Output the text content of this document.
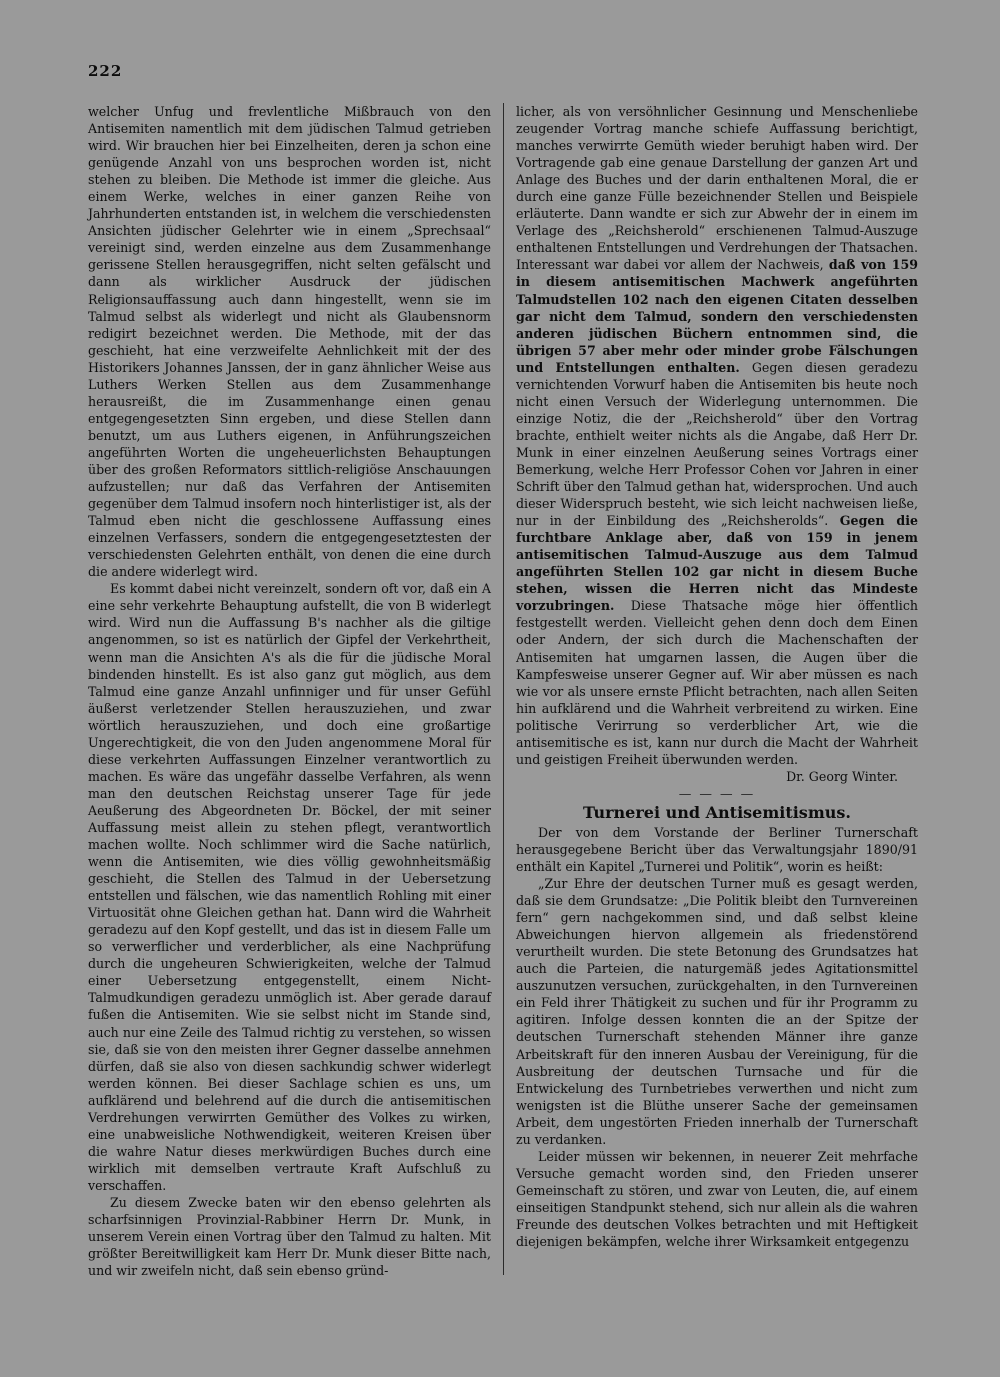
222

welcher Unfug und frevlentliche Mißbrauch von den Antisemiten namentlich mit dem jüdischen Talmud getrieben wird. Wir brauchen hier bei Einzelheiten, deren ja schon eine genügende Anzahl von uns besprochen worden ist, nicht stehen zu bleiben. Die Methode ist immer die gleiche. Aus einem Werke, welches in einer ganzen Reihe von Jahrhunderten entstanden ist, in welchem die verschiedensten Ansichten jüdischer Gelehrter wie in einem „Sprechsaal“ vereinigt sind, werden einzelne aus dem Zusammenhange gerissene Stellen herausgegriffen, nicht selten gefälscht und dann als wirklicher Ausdruck der jüdischen Religionsauffassung auch dann hingestellt, wenn sie im Talmud selbst als widerlegt und nicht als Glaubensnorm redigirt bezeichnet werden. Die Methode, mit der das geschieht, hat eine verzweifelte Aehnlichkeit mit der des Historikers Johannes Janssen, der in ganz ähnlicher Weise aus Luthers Werken Stellen aus dem Zusammenhange herausreißt, die im Zusammenhange einen genau entgegengesetzten Sinn ergeben, und diese Stellen dann benutzt, um aus Luthers eigenen, in Anführungszeichen angeführten Worten die ungeheuerlichsten Behauptungen über des großen Reformators sittlich-religiöse Anschauungen aufzustellen; nur daß das Verfahren der Antisemiten gegenüber dem Talmud insofern noch hinterlistiger ist, als der Talmud eben nicht die geschlossene Auffassung eines einzelnen Verfassers, sondern die entgegengesetztesten der verschiedensten Gelehrten enthält, von denen die eine durch die andere widerlegt wird.

Es kommt dabei nicht vereinzelt, sondern oft vor, daß ein A eine sehr verkehrte Behauptung aufstellt, die von B widerlegt wird. Wird nun die Auffassung B's nachher als die giltige angenommen, so ist es natürlich der Gipfel der Verkehrtheit, wenn man die Ansichten A's als die für die jüdische Moral bindenden hinstellt. Es ist also ganz gut möglich, aus dem Talmud eine ganze Anzahl unfinniger und für unser Gefühl äußerst verletzender Stellen herauszuziehen, und zwar wörtlich herauszuziehen, und doch eine großartige Ungerechtigkeit, die von den Juden angenommene Moral für diese verkehrten Auffassungen Einzelner verantwortlich zu machen. Es wäre das ungefähr dasselbe Verfahren, als wenn man den deutschen Reichstag unserer Tage für jede Aeußerung des Abgeordneten Dr. Böckel, der mit seiner Auffassung meist allein zu stehen pflegt, verantwortlich machen wollte. Noch schlimmer wird die Sache natürlich, wenn die Antisemiten, wie dies völlig gewohnheitsmäßig geschieht, die Stellen des Talmud in der Uebersetzung entstellen und fälschen, wie das namentlich Rohling mit einer Virtuosität ohne Gleichen gethan hat. Dann wird die Wahrheit geradezu auf den Kopf gestellt, und das ist in diesem Falle um so verwerflicher und verderblicher, als eine Nachprüfung durch die ungeheuren Schwierigkeiten, welche der Talmud einer Uebersetzung entgegenstellt, einem Nicht-Talmudkundigen geradezu unmöglich ist. Aber gerade darauf fußen die Antisemiten. Wie sie selbst nicht im Stande sind, auch nur eine Zeile des Talmud richtig zu verstehen, so wissen sie, daß sie von den meisten ihrer Gegner dasselbe annehmen dürfen, daß sie also von diesen sachkundig schwer widerlegt werden können. Bei dieser Sachlage schien es uns, um aufklärend und belehrend auf die durch die antisemitischen Verdrehungen verwirrten Gemüther des Volkes zu wirken, eine unabweisliche Nothwendigkeit, weiteren Kreisen über die wahre Natur dieses merkwürdigen Buches durch eine wirklich mit demselben vertraute Kraft Aufschluß zu verschaffen.

Zu diesem Zwecke baten wir den ebenso gelehrten als scharfsinnigen Provinzial-Rabbiner Herrn Dr. Munk, in unserem Verein einen Vortrag über den Talmud zu halten. Mit größter Bereitwilligkeit kam Herr Dr. Munk dieser Bitte nach, und wir zweifeln nicht, daß sein ebenso gründ-

licher, als von versöhnlicher Gesinnung und Menschenliebe zeugender Vortrag manche schiefe Auffassung berichtigt, manches verwirrte Gemüth wieder beruhigt haben wird. Der Vortragende gab eine genaue Darstellung der ganzen Art und Anlage des Buches und der darin enthaltenen Moral, die er durch eine ganze Fülle bezeichnender Stellen und Beispiele erläuterte. Dann wandte er sich zur Abwehr der in einem im Verlage des „Reichsherold“ erschienenen Talmud-Auszuge enthaltenen Entstellungen und Verdrehungen der Thatsachen. Interessant war dabei vor allem der Nachweis, daß von 159 in diesem antisemitischen Machwerk angeführten Talmudstellen 102 nach den eigenen Citaten desselben gar nicht dem Talmud, sondern den verschiedensten anderen jüdischen Büchern entnommen sind, die übrigen 57 aber mehr oder minder grobe Fälschungen und Entstellungen enthalten. Gegen diesen geradezu vernichtenden Vorwurf haben die Antisemiten bis heute noch nicht einen Versuch der Widerlegung unternommen. Die einzige Notiz, die der „Reichsherold“ über den Vortrag brachte, enthielt weiter nichts als die Angabe, daß Herr Dr. Munk in einer einzelnen Aeußerung seines Vortrags einer Bemerkung, welche Herr Professor Cohen vor Jahren in einer Schrift über den Talmud gethan hat, widersprochen. Und auch dieser Widerspruch besteht, wie sich leicht nachweisen ließe, nur in der Einbildung des „Reichsherolds“. Gegen die furchtbare Anklage aber, daß von 159 in jenem antisemitischen Talmud-Auszuge aus dem Talmud angeführten Stellen 102 gar nicht in diesem Buche stehen, wissen die Herren nicht das Mindeste vorzubringen. Diese Thatsache möge hier öffentlich festgestellt werden. Vielleicht gehen denn doch dem Einen oder Andern, der sich durch die Machenschaften der Antisemiten hat umgarnen lassen, die Augen über die Kampfesweise unserer Gegner auf. Wir aber müssen es nach wie vor als unsere ernste Pflicht betrachten, nach allen Seiten hin aufklärend und die Wahrheit verbreitend zu wirken. Eine politische Verirrung so verderblicher Art, wie die antisemitische es ist, kann nur durch die Macht der Wahrheit und geistigen Freiheit überwunden werden.

Dr. Georg Winter.

— — — —

Turnerei und Antisemitismus.

Der von dem Vorstande der Berliner Turnerschaft herausgegebene Bericht über das Verwaltungsjahr 1890/91 enthält ein Kapitel „Turnerei und Politik“, worin es heißt:

„Zur Ehre der deutschen Turner muß es gesagt werden, daß sie dem Grundsatze: „Die Politik bleibt den Turnvereinen fern“ gern nachgekommen sind, und daß selbst kleine Abweichungen hiervon allgemein als friedenstörend verurtheilt wurden. Die stete Betonung des Grundsatzes hat auch die Parteien, die naturgemäß jedes Agitationsmittel auszunutzen versuchen, zurückgehalten, in den Turnvereinen ein Feld ihrer Thätigkeit zu suchen und für ihr Programm zu agitiren. Infolge dessen konnten die an der Spitze der deutschen Turnerschaft stehenden Männer ihre ganze Arbeitskraft für den inneren Ausbau der Vereinigung, für die Ausbreitung der deutschen Turnsache und für die Entwickelung des Turnbetriebes verwerthen und nicht zum wenigsten ist die Blüthe unserer Sache der gemeinsamen Arbeit, dem ungestörten Frieden innerhalb der Turnerschaft zu verdanken.

Leider müssen wir bekennen, in neuerer Zeit mehrfache Versuche gemacht worden sind, den Frieden unserer Gemeinschaft zu stören, und zwar von Leuten, die, auf einem einseitigen Standpunkt stehend, sich nur allein als die wahren Freunde des deutschen Volkes betrachten und mit Heftigkeit diejenigen bekämpfen, welche ihrer Wirksamkeit entgegenzu
